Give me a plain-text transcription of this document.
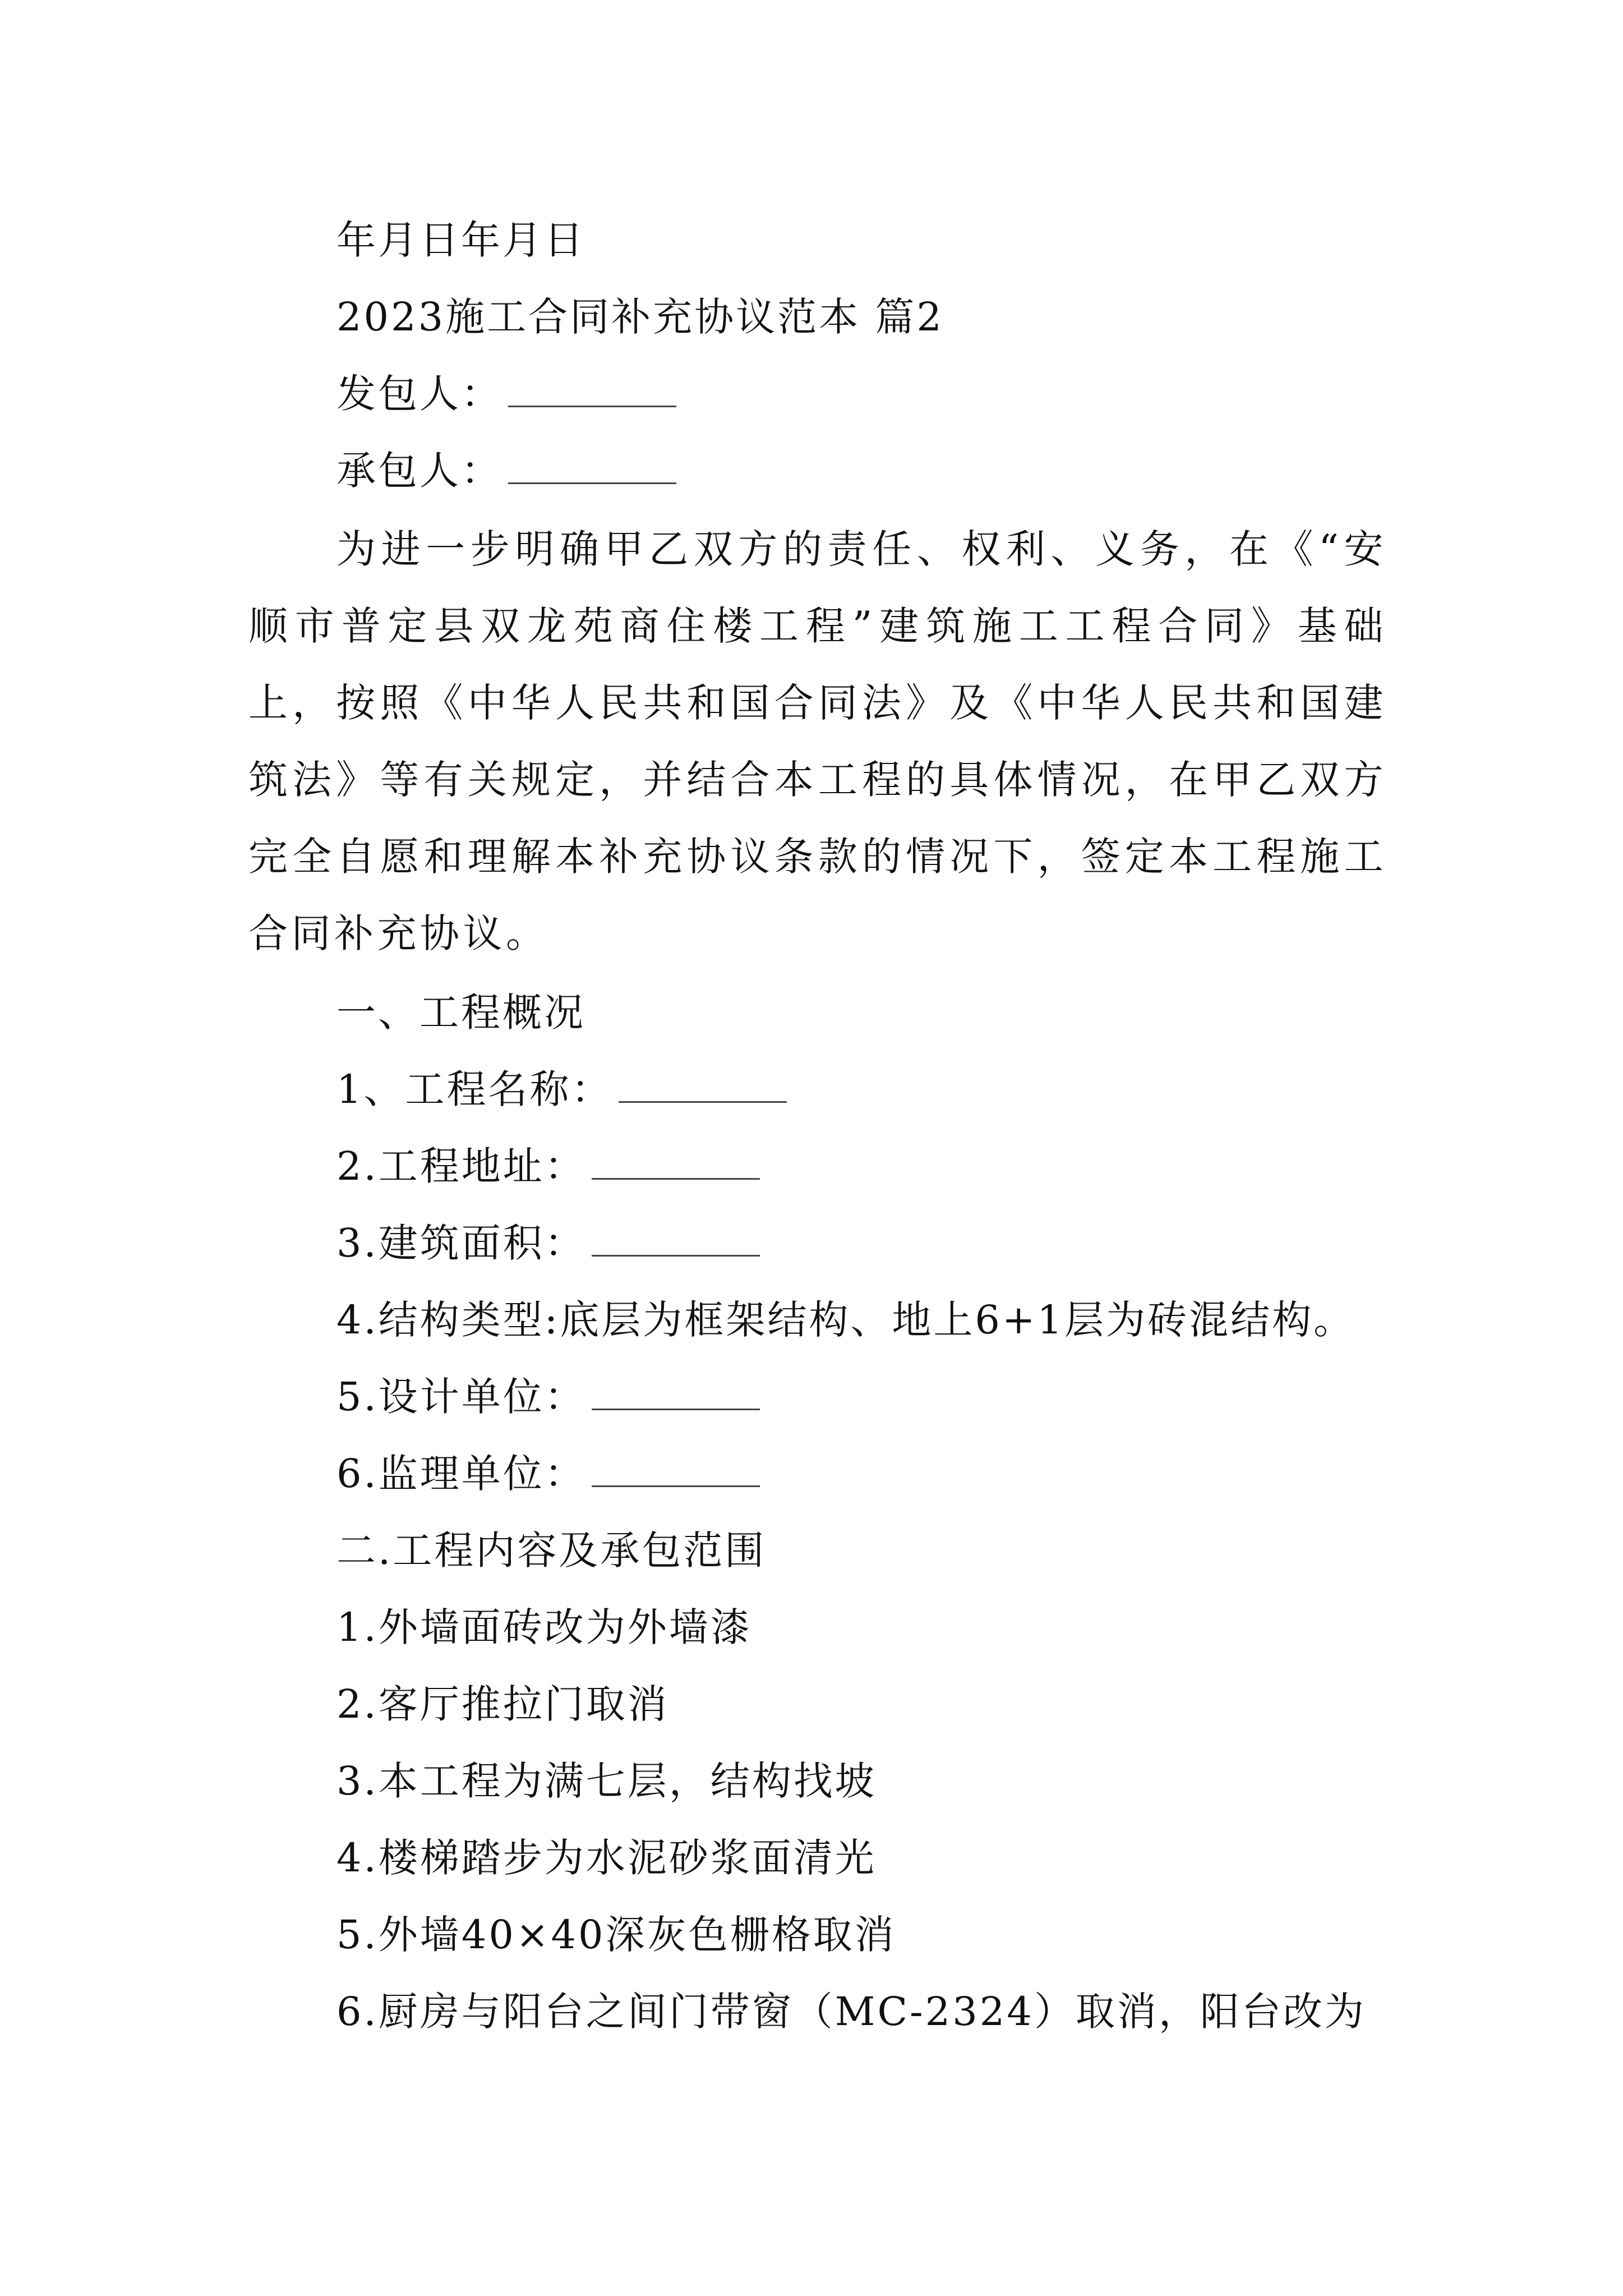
年月日年月日
2023施工合同补充协议范本 篇2
发包人：
承包人：
为进一步明确甲乙双方的责任、权利、义务，在《“安顺市普定县双龙苑商住楼工程”建筑施工工程合同》基础上，按照《中华人民共和国合同法》及《中华人民共和国建筑法》等有关规定，并结合本工程的具体情况，在甲乙双方完全自愿和理解本补充协议条款的情况下，签定本工程施工合同补充协议。
一、工程概况
1、工程名称：
2.工程地址：
3.建筑面积：
4.结构类型:底层为框架结构、地上6+1层为砖混结构。
5.设计单位：
6.监理单位：
二.工程内容及承包范围
1.外墙面砖改为外墙漆
2.客厅推拉门取消
3.本工程为满七层，结构找坡
4.楼梯踏步为水泥砂浆面清光
5.外墙40×40深灰色栅格取消
6.厨房与阳台之间门带窗（MC-2324）取消，阳台改为
